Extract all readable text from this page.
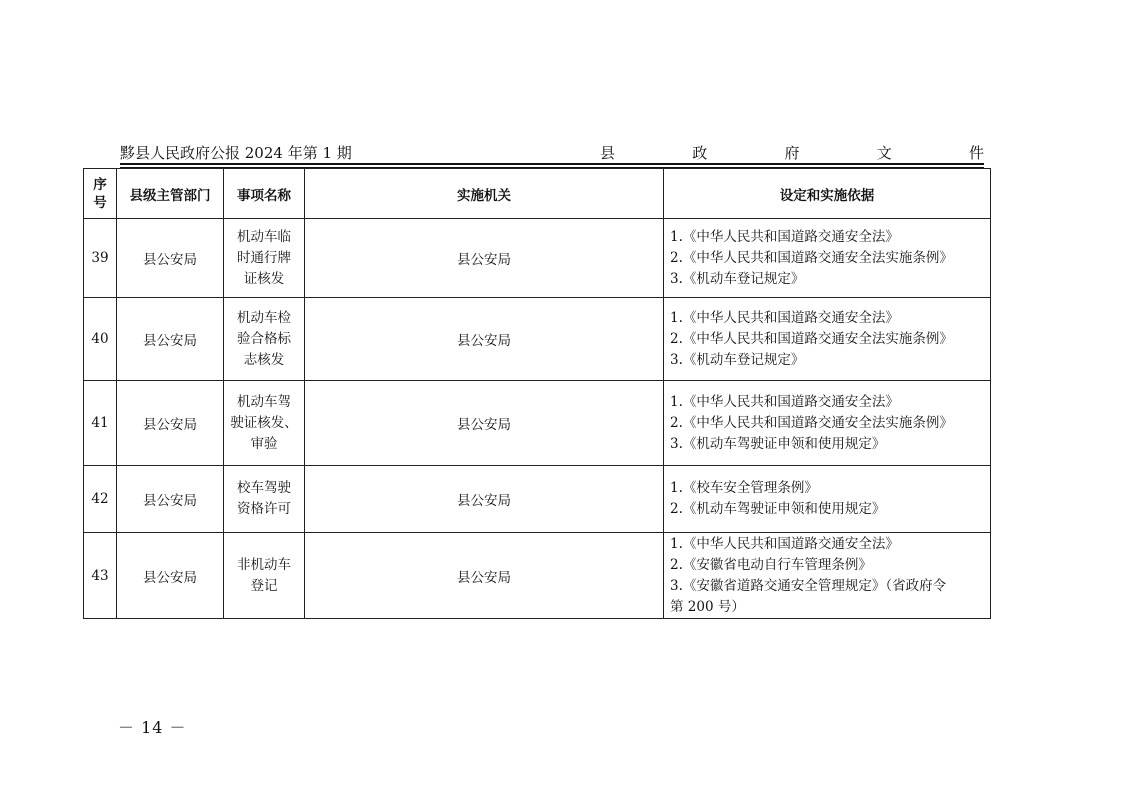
黟县人民政府公报 2024 年第 1 期	县	政	府	文	件
序
号	县级主管部门	事项名称	实施机关	设定和实施依据
39	县公安局	机动车临
时通行牌
证核发	县公安局	1.《中华人民共和国道路交通安全法》
2.《中华人民共和国道路交通安全法实施条例》
3.《机动车登记规定》

40	县公安局	机动车检
验合格标
志核发	县公安局	1.《中华人民共和国道路交通安全法》
2.《中华人民共和国道路交通安全法实施条例》
3.《机动车登记规定》

41	县公安局	机动车驾
驶证核发、
审验	县公安局	1.《中华人民共和国道路交通安全法》
2.《中华人民共和国道路交通安全法实施条例》
3.《机动车驾驶证申领和使用规定》

42	县公安局	校车驾驶
资格许可	县公安局	1.《校车安全管理条例》
2.《机动车驾驶证申领和使用规定》

43	县公安局	非机动车
登记	县公安局	1.《中华人民共和国道路交通安全法》
2.《安徽省电动自行车管理条例》
3.《安徽省道路交通安全管理规定》（省政府令
第 200 号）
－ 14 －
